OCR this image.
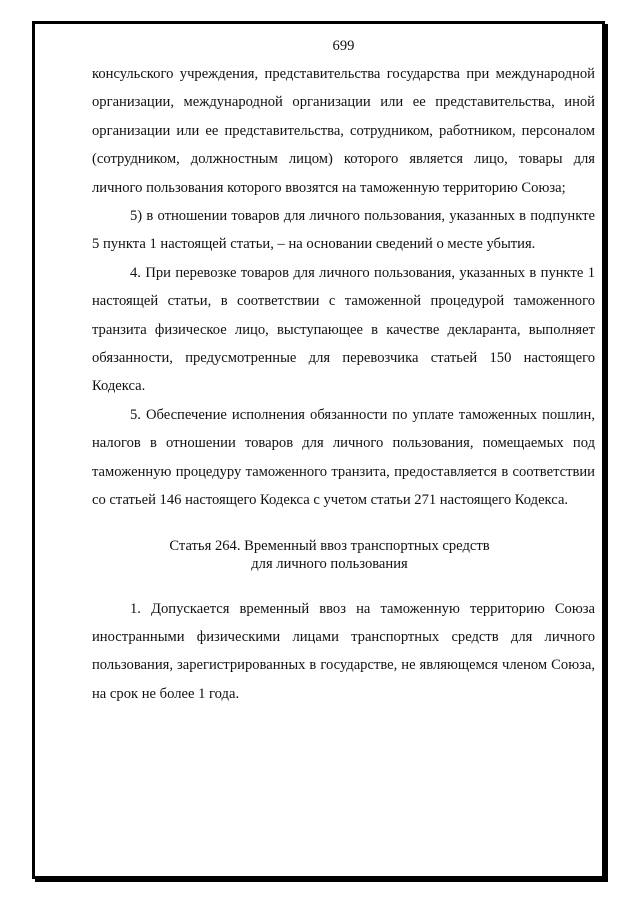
699

консульского учреждения, представительства государства при международной организации, международной организации или ее представительства, иной организации или ее представительства, сотрудником, работником, персоналом (сотрудником, должностным лицом) которого является лицо, товары для личного пользования которого ввозятся на таможенную территорию Союза;

5) в отношении товаров для личного пользования, указанных в подпункте 5 пункта 1 настоящей статьи, – на основании сведений о месте убытия.

4. При перевозке товаров для личного пользования, указанных в пункте 1 настоящей статьи, в соответствии с таможенной процедурой таможенного транзита физическое лицо, выступающее в качестве декларанта, выполняет обязанности, предусмотренные для перевозчика статьей 150 настоящего Кодекса.

5. Обеспечение исполнения обязанности по уплате таможенных пошлин, налогов в отношении товаров для личного пользования, помещаемых под таможенную процедуру таможенного транзита, предоставляется в соответствии со статьей 146 настоящего Кодекса с учетом статьи 271 настоящего Кодекса.

Статья 264. Временный ввоз транспортных средств
для личного пользования

1. Допускается временный ввоз на таможенную территорию Союза иностранными физическими лицами транспортных средств для личного пользования, зарегистрированных в государстве, не являющемся членом Союза, на срок не более 1 года.
